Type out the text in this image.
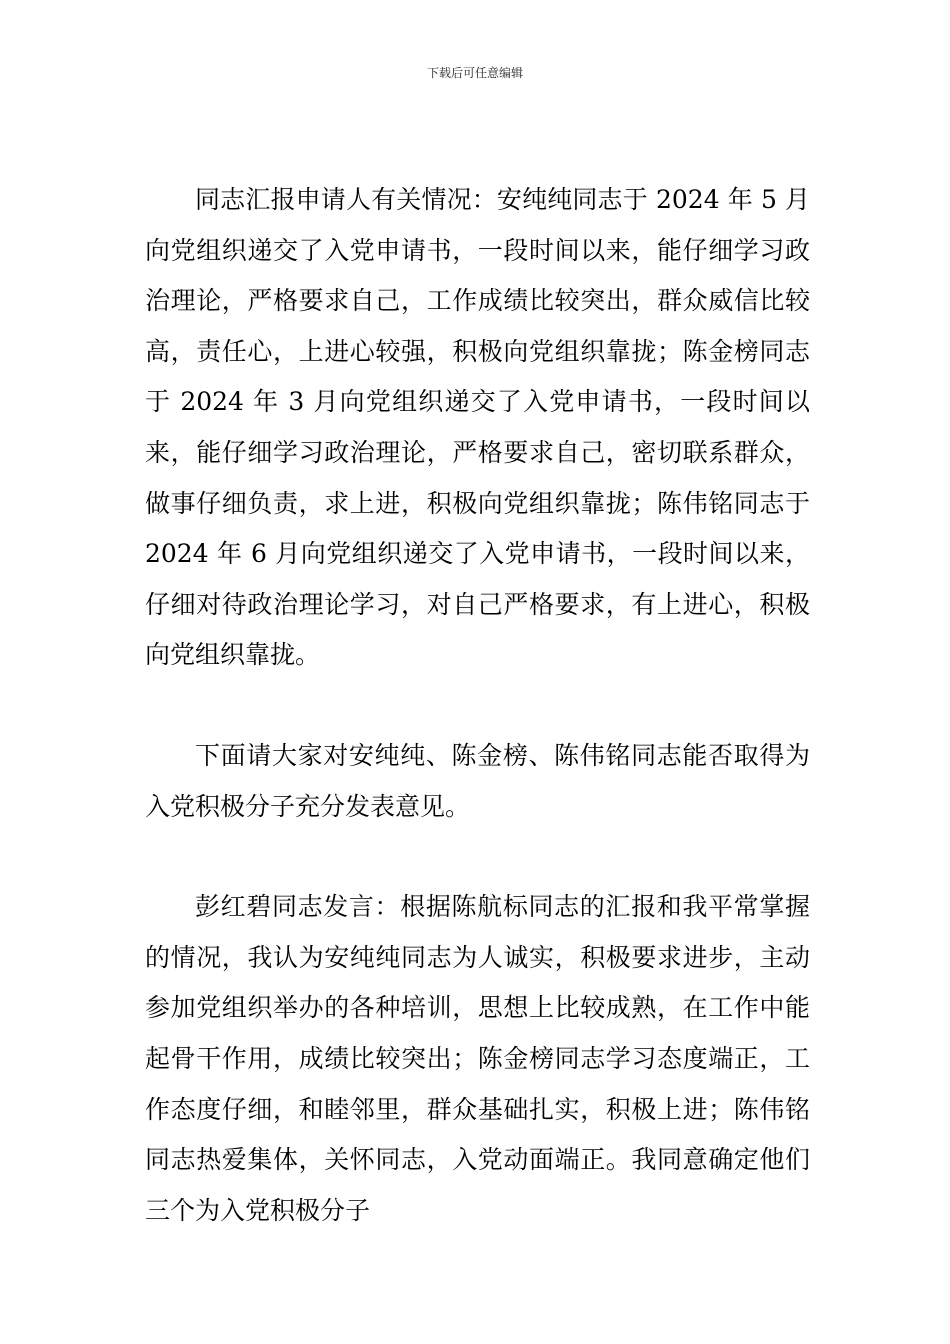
下载后可任意编辑

同志汇报申请人有关情况：安纯纯同志于 2024 年 5 月向党组织递交了入党申请书，一段时间以来，能仔细学习政治理论，严格要求自己，工作成绩比较突出，群众威信比较高，责任心，上进心较强，积极向党组织靠拢；陈金榜同志于 2024 年 3 月向党组织递交了入党申请书，一段时间以来，能仔细学习政治理论，严格要求自己，密切联系群众，做事仔细负责，求上进，积极向党组织靠拢；陈伟铭同志于 2024 年 6 月向党组织递交了入党申请书，一段时间以来，仔细对待政治理论学习，对自己严格要求，有上进心，积极向党组织靠拢。

下面请大家对安纯纯、陈金榜、陈伟铭同志能否取得为入党积极分子充分发表意见。

彭红碧同志发言：根据陈航标同志的汇报和我平常掌握的情况，我认为安纯纯同志为人诚实，积极要求进步，主动参加党组织举办的各种培训，思想上比较成熟，在工作中能起骨干作用，成绩比较突出；陈金榜同志学习态度端正，工作态度仔细，和睦邻里，群众基础扎实，积极上进；陈伟铭同志热爱集体，关怀同志，入党动面端正。我同意确定他们三个为入党积极分子
